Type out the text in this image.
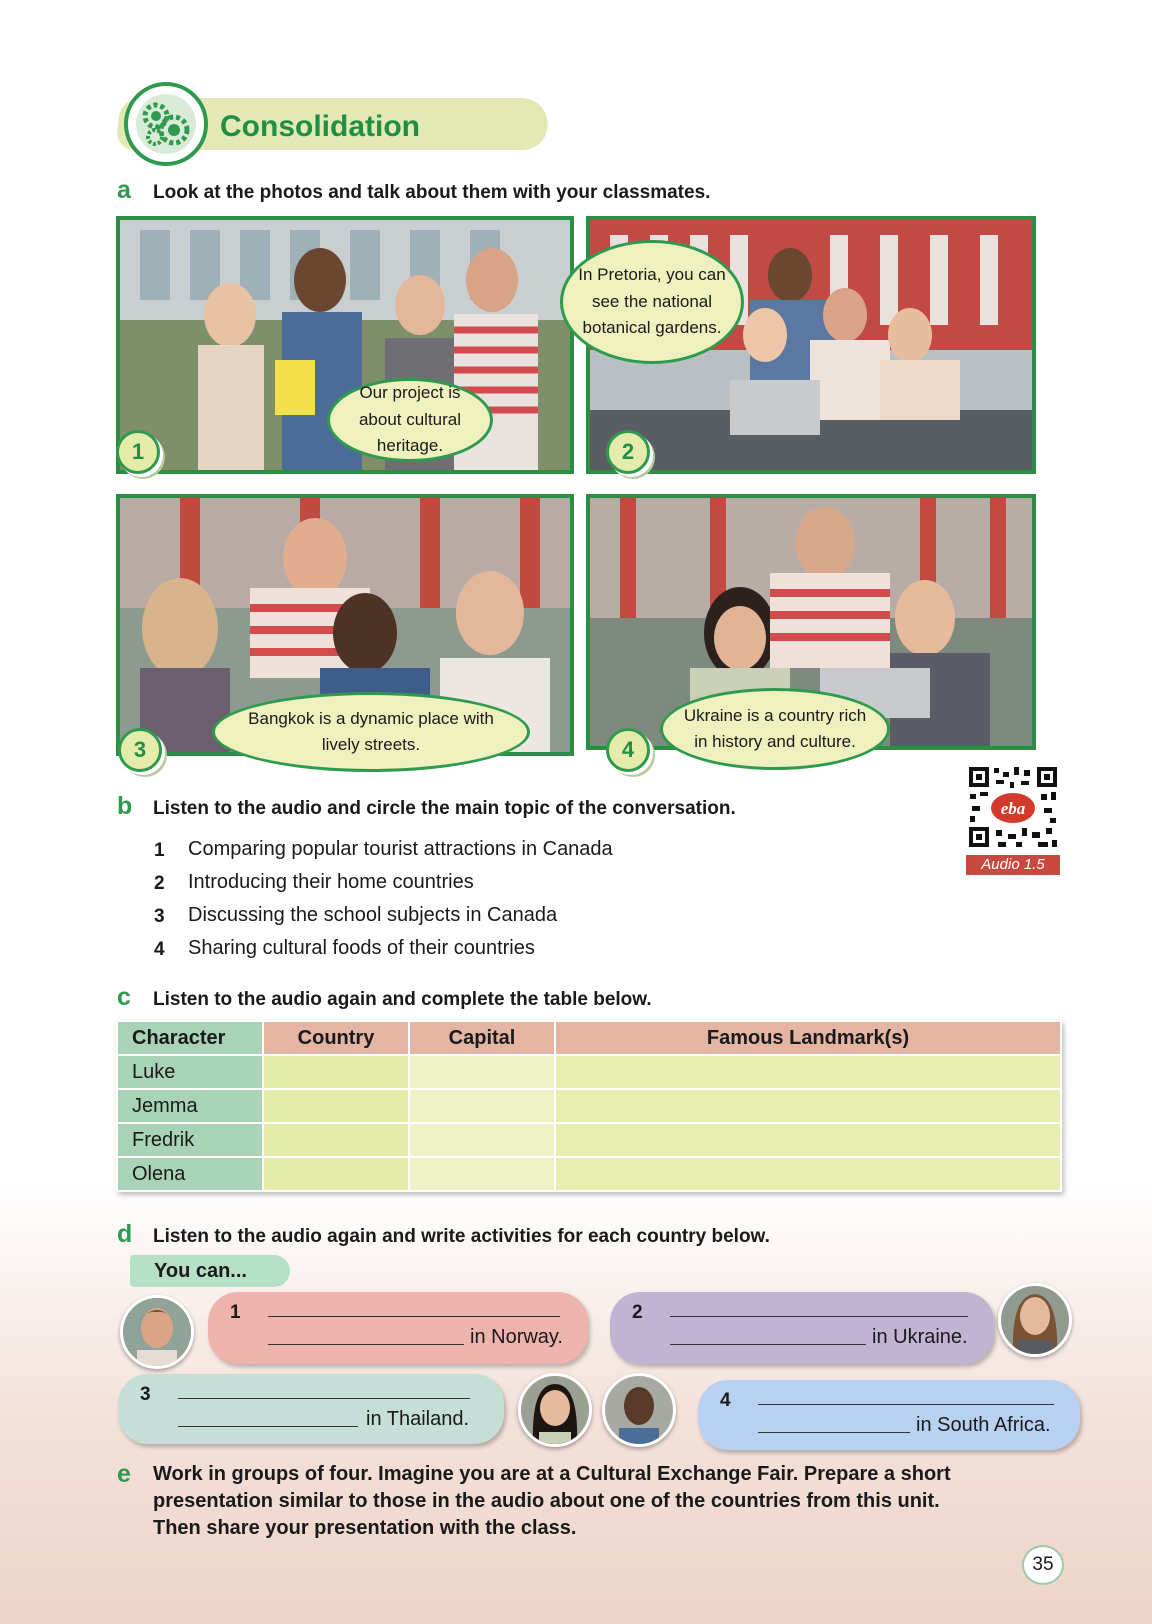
Consolidation
a Look at the photos and talk about them with your classmates.
Our project is about cultural heritage.
1
In Pretoria, you can see the national botanical gardens.
2
Bangkok is a dynamic place with lively streets.
3
Ukraine is a country rich in history and culture.
4
b Listen to the audio and circle the main topic of the conversation.	eba
Audio 1.5
1 Comparing popular tourist attractions in Canada
2 Introducing their home countries
3 Discussing the school subjects in Canada
4 Sharing cultural foods of their countries
c Listen to the audio again and complete the table below.
Character	Country	Capital	Famous Landmark(s)
Luke			
Jemma			
Fredrik			
Olena			
d Listen to the audio again and write activities for each country below.
You can...
1
in Norway.
2
in Ukraine.
3
in Thailand.
4
in South Africa.
e Work in groups of four. Imagine you are at a Cultural Exchange Fair. Prepare a short
presentation similar to those in the audio about one of the countries from this unit.
Then share your presentation with the class.
35
